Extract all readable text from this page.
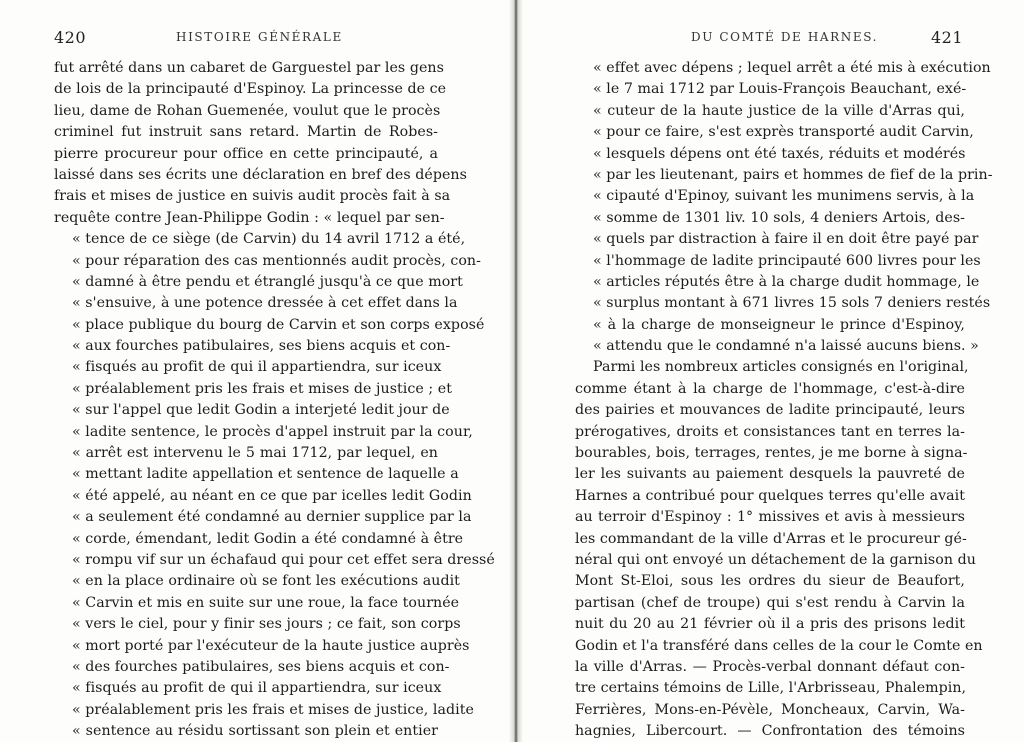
420	HISTOIRE GÉNÉRALE
fut arrêté dans un cabaret de Garguestel par les gens
de lois de la principauté d'Espinoy. La princesse de ce
lieu, dame de Rohan Guemenée, voulut que le procès
criminel fut instruit sans retard. Martin de Robes-
pierre procureur pour office en cette principauté, a
laissé dans ses écrits une déclaration en bref des dépens
frais et mises de justice en suivis audit procès fait à sa
requête contre Jean-Philippe Godin : « lequel par sen-
« tence de ce siège (de Carvin) du 14 avril 1712 a été,
« pour réparation des cas mentionnés audit procès, con-
« damné à être pendu et étranglé jusqu'à ce que mort
« s'ensuive, à une potence dressée à cet effet dans la
« place publique du bourg de Carvin et son corps exposé
« aux fourches patibulaires, ses biens acquis et con-
« fisqués au profit de qui il appartiendra, sur iceux
« préalablement pris les frais et mises de justice ; et
« sur l'appel que ledit Godin a interjeté ledit jour de
« ladite sentence, le procès d'appel instruit par la cour,
« arrêt est intervenu le 5 mai 1712, par lequel, en
« mettant ladite appellation et sentence de laquelle a
« été appelé, au néant en ce que par icelles ledit Godin
« a seulement été condamné au dernier supplice par la
« corde, émendant, ledit Godin a été condamné à être
« rompu vif sur un échafaud qui pour cet effet sera dressé
« en la place ordinaire où se font les exécutions audit
« Carvin et mis en suite sur une roue, la face tournée
« vers le ciel, pour y finir ses jours ; ce fait, son corps
« mort porté par l'exécuteur de la haute justice auprès
« des fourches patibulaires, ses biens acquis et con-
« fisqués au profit de qui il appartiendra, sur iceux
« préalablement pris les frais et mises de justice, ladite
« sentence au résidu sortissant son plein et entier
DU COMTÉ DE HARNES.	421
« effet avec dépens ; lequel arrêt a été mis à exécution
« le 7 mai 1712 par Louis-François Beauchant, exé-
« cuteur de la haute justice de la ville d'Arras qui,
« pour ce faire, s'est exprès transporté audit Carvin,
« lesquels dépens ont été taxés, réduits et modérés
« par les lieutenant, pairs et hommes de fief de la prin-
« cipauté d'Epinoy, suivant les munimens servis, à la
« somme de 1301 liv. 10 sols, 4 deniers Artois, des-
« quels par distraction à faire il en doit être payé par
« l'hommage de ladite principauté 600 livres pour les
« articles réputés être à la charge dudit hommage, le
« surplus montant à 671 livres 15 sols 7 deniers restés
« à la charge de monseigneur le prince d'Espinoy,
« attendu que le condamné n'a laissé aucuns biens. »
Parmi les nombreux articles consignés en l'original,
comme étant à la charge de l'hommage, c'est-à-dire
des pairies et mouvances de ladite principauté, leurs
prérogatives, droits et consistances tant en terres la-
bourables, bois, terrages, rentes, je me borne à signa-
ler les suivants au paiement desquels la pauvreté de
Harnes a contribué pour quelques terres qu'elle avait
au terroir d'Espinoy : 1° missives et avis à messieurs
les commandant de la ville d'Arras et le procureur gé-
néral qui ont envoyé un détachement de la garnison du
Mont St-Eloi, sous les ordres du sieur de Beaufort,
partisan (chef de troupe) qui s'est rendu à Carvin la
nuit du 20 au 21 février où il a pris des prisons ledit
Godin et l'a transféré dans celles de la cour le Comte en
la ville d'Arras. — Procès-verbal donnant défaut con-
tre certains témoins de Lille, l'Arbrisseau, Phalempin,
Ferrières, Mons-en-Pévèle, Moncheaux, Carvin, Wa-
hagnies, Libercourt. — Confrontation des témoins
